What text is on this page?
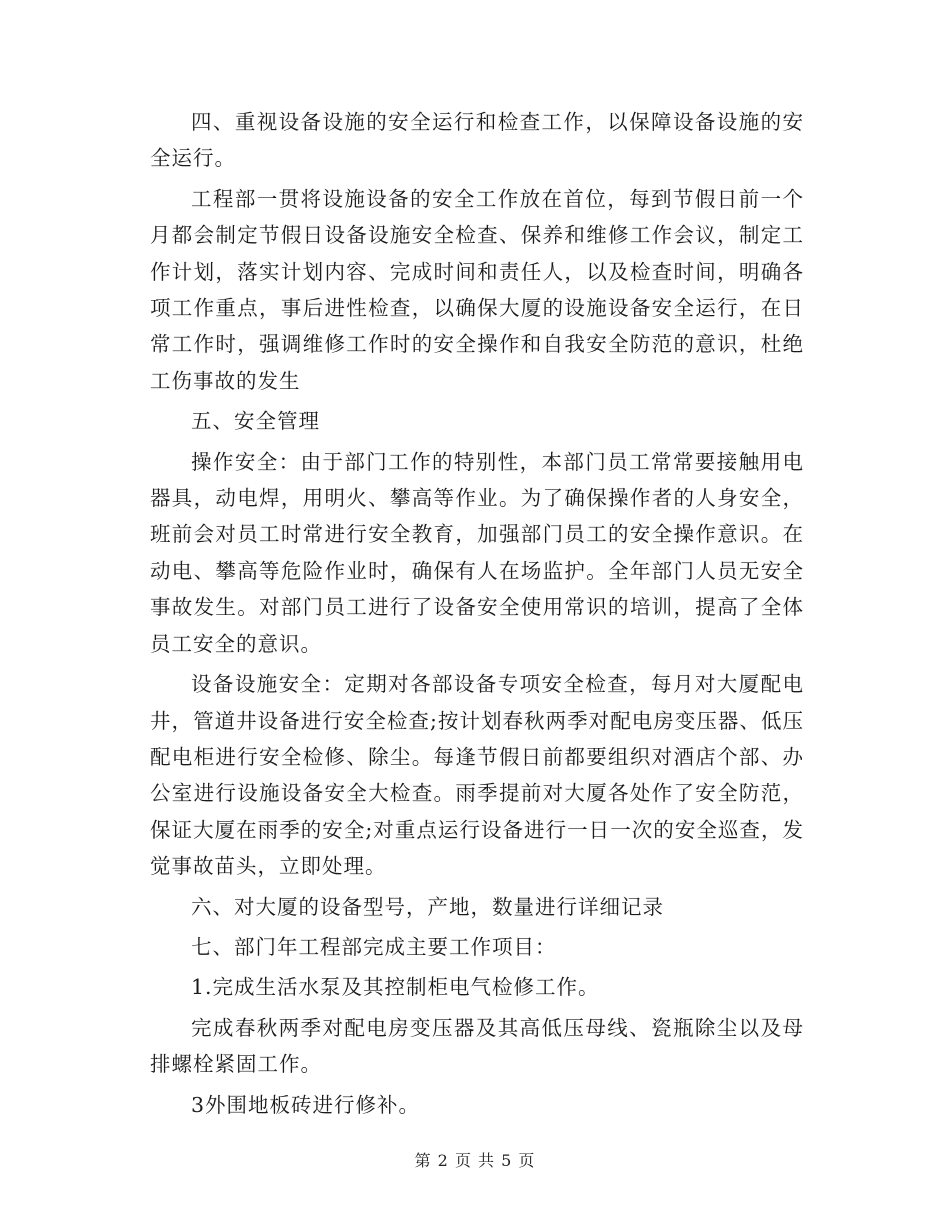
四、重视设备设施的安全运行和检查工作，以保障设备设施的安全运行。

工程部一贯将设施设备的安全工作放在首位，每到节假日前一个月都会制定节假日设备设施安全检查、保养和维修工作会议，制定工作计划，落实计划内容、完成时间和责任人，以及检查时间，明确各项工作重点，事后进性检查，以确保大厦的设施设备安全运行，在日常工作时，强调维修工作时的安全操作和自我安全防范的意识，杜绝工伤事故的发生

五、安全管理

操作安全：由于部门工作的特别性，本部门员工常常要接触用电器具，动电焊，用明火、攀高等作业。为了确保操作者的人身安全，班前会对员工时常进行安全教育，加强部门员工的安全操作意识。在动电、攀高等危险作业时，确保有人在场监护。全年部门人员无安全事故发生。对部门员工进行了设备安全使用常识的培训，提高了全体员工安全的意识。

设备设施安全：定期对各部设备专项安全检查，每月对大厦配电井，管道井设备进行安全检查;按计划春秋两季对配电房变压器、低压配电柜进行安全检修、除尘。每逢节假日前都要组织对酒店个部、办公室进行设施设备安全大检查。雨季提前对大厦各处作了安全防范，保证大厦在雨季的安全;对重点运行设备进行一日一次的安全巡查，发觉事故苗头，立即处理。

六、对大厦的设备型号，产地，数量进行详细记录

七、部门年工程部完成主要工作项目：

1.完成生活水泵及其控制柜电气检修工作。

完成春秋两季对配电房变压器及其高低压母线、瓷瓶除尘以及母排螺栓紧固工作。

3外围地板砖进行修补。

第 2 页 共 5 页
